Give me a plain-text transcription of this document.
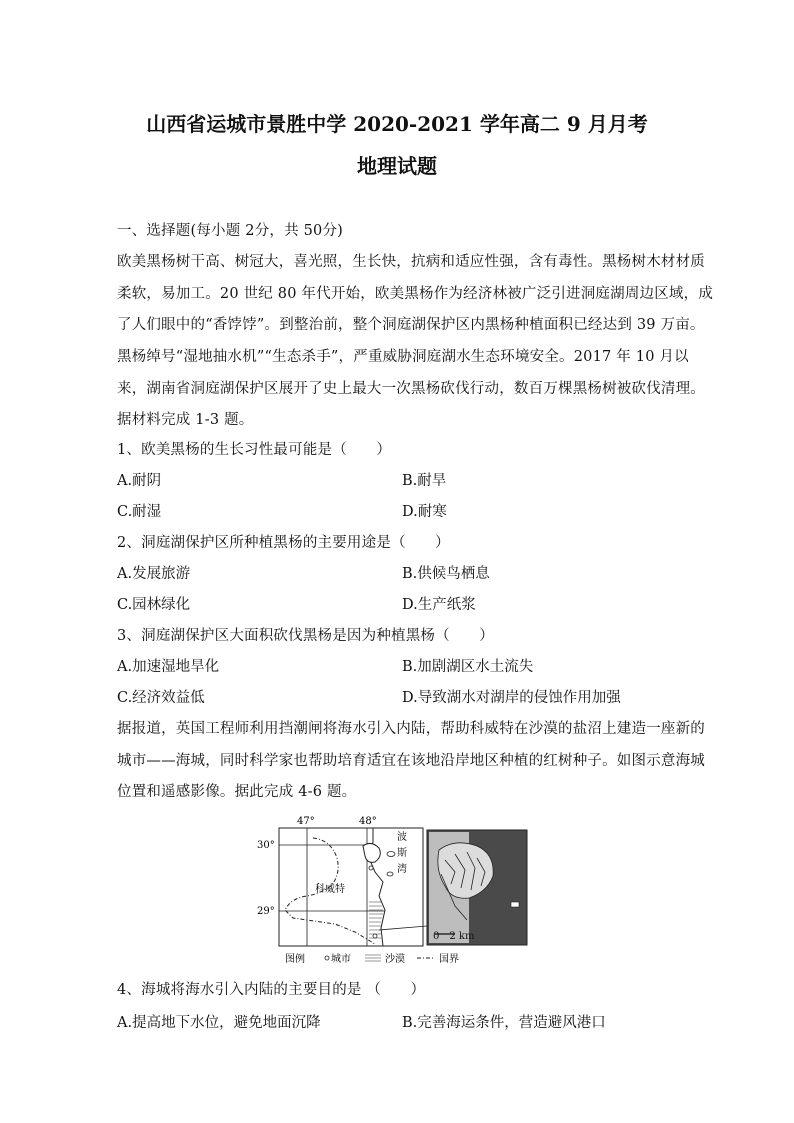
山西省运城市景胜中学 2020-2021 学年高二 9 月月考
地理试题
一、选择题(每小题 2分，共 50分)
欧美黑杨树干高、树冠大，喜光照，生长快，抗病和适应性强，含有毒性。黑杨树木材材质
柔软，易加工。20 世纪 80 年代开始，欧美黑杨作为经济林被广泛引进洞庭湖周边区域，成
了人们眼中的“香饽饽”。到整治前，整个洞庭湖保护区内黑杨种植面积已经达到 39 万亩。
黑杨绰号“湿地抽水机”“生态杀手”，严重威胁洞庭湖水生态环境安全。2017 年 10 月以
来，湖南省洞庭湖保护区展开了史上最大一次黑杨砍伐行动，数百万棵黑杨树被砍伐清理。
据材料完成 1-3 题。
1、欧美黑杨的生长习性最可能是（　　）
A.耐阴	B.耐旱
C.耐湿	D.耐寒
2、洞庭湖保护区所种植黑杨的主要用途是（　　）
A.发展旅游	B.供候鸟栖息
C.园林绿化	D.生产纸浆
3、洞庭湖保护区大面积砍伐黑杨是因为种植黑杨（　　）
A.加速湿地旱化	B.加剧湖区水土流失
C.经济效益低	D.导致湖水对湖岸的侵蚀作用加强
据报道，英国工程师利用挡潮闸将海水引入内陆，帮助科威特在沙漠的盐沼上建造一座新的
城市——海城，同时科学家也帮助培育适宜在该地沿岸地区种植的红树种子。如图示意海城
位置和遥感影像。据此完成 4-6 题。
47°	48°
30°
29°
科威特
波
斯
湾
0　2 km
图例	城市	沙漠	国界
4、海城将海水引入内陆的主要目的是 （　　）
A.提高地下水位，避免地面沉降	B.完善海运条件，营造避风港口
